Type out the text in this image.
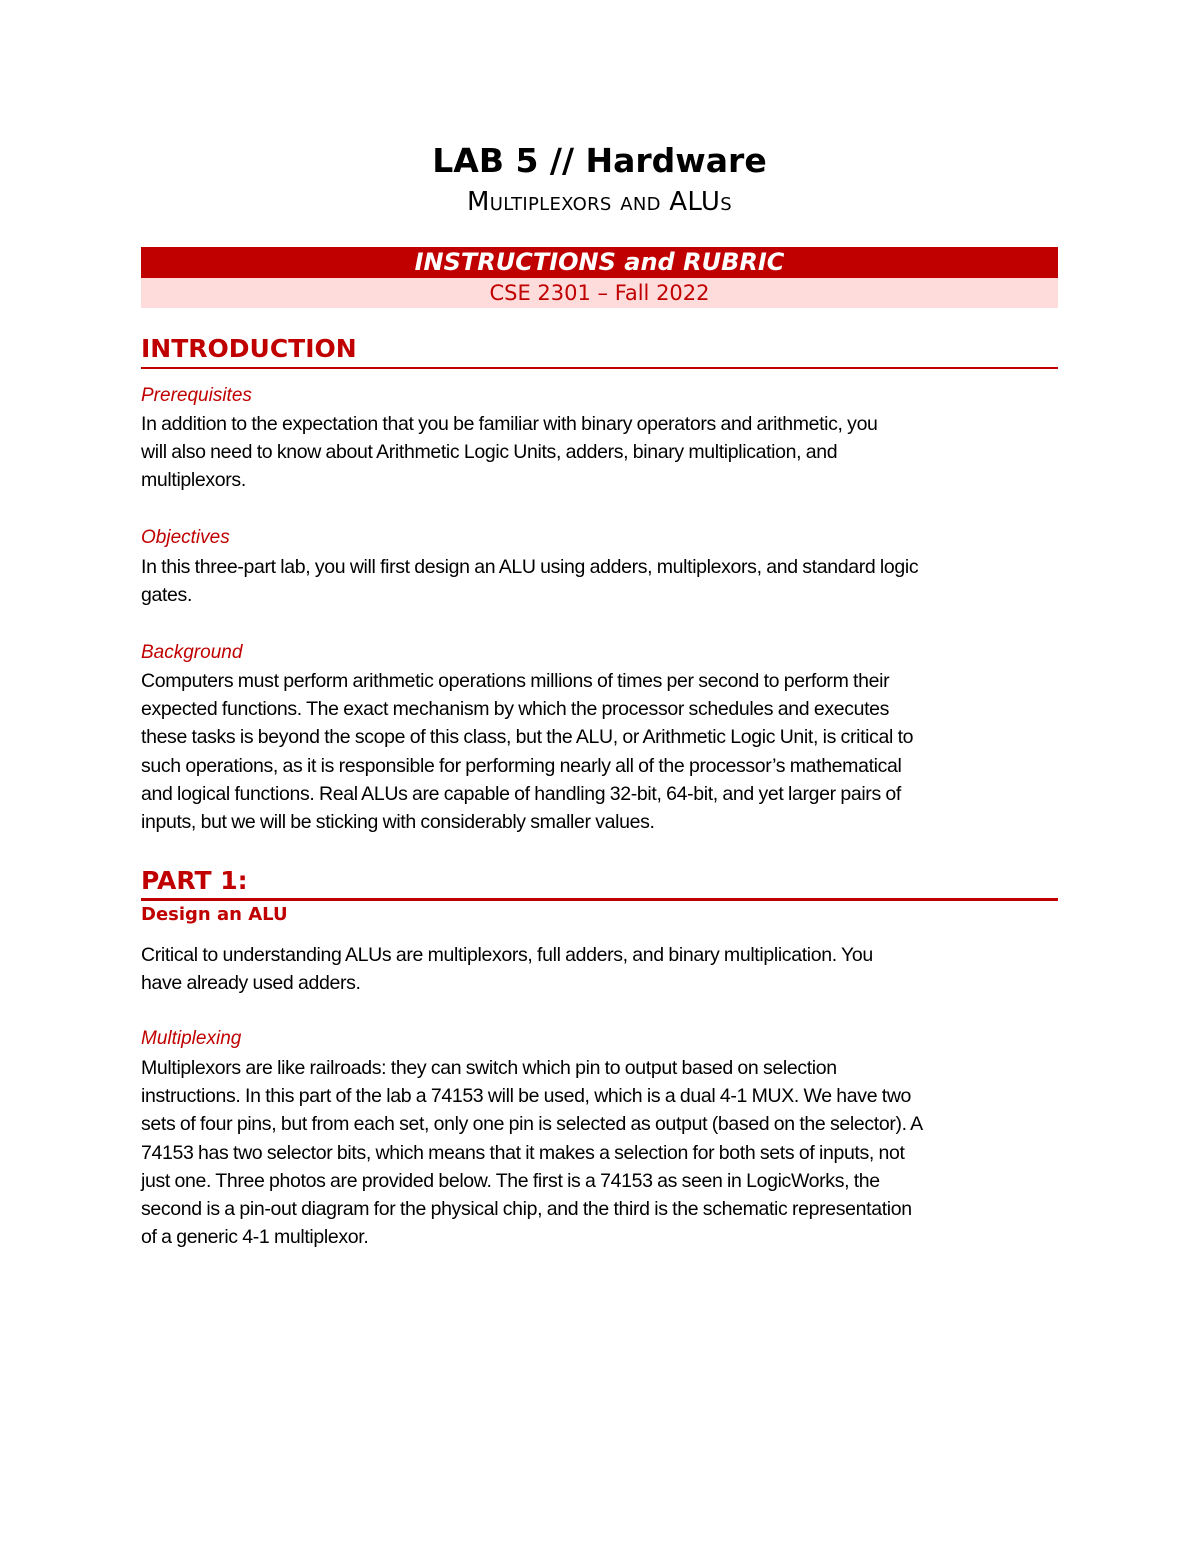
LAB 5 // Hardware
Multiplexors and ALUs
INSTRUCTIONS and RUBRIC
CSE 2301 – Fall 2022
INTRODUCTION
Prerequisites
In addition to the expectation that you be familiar with binary operators and arithmetic, you
will also need to know about Arithmetic Logic Units, adders, binary multiplication, and
multiplexors.
Objectives
In this three-part lab, you will first design an ALU using adders, multiplexors, and standard logic
gates.
Background
Computers must perform arithmetic operations millions of times per second to perform their
expected functions. The exact mechanism by which the processor schedules and executes
these tasks is beyond the scope of this class, but the ALU, or Arithmetic Logic Unit, is critical to
such operations, as it is responsible for performing nearly all of the processor’s mathematical
and logical functions. Real ALUs are capable of handling 32-bit, 64-bit, and yet larger pairs of
inputs, but we will be sticking with considerably smaller values.
PART 1:
Design an ALU
Critical to understanding ALUs are multiplexors, full adders, and binary multiplication. You
have already used adders.
Multiplexing
Multiplexors are like railroads: they can switch which pin to output based on selection
instructions. In this part of the lab a 74153 will be used, which is a dual 4-1 MUX. We have two
sets of four pins, but from each set, only one pin is selected as output (based on the selector). A
74153 has two selector bits, which means that it makes a selection for both sets of inputs, not
just one. Three photos are provided below. The first is a 74153 as seen in LogicWorks, the
second is a pin-out diagram for the physical chip, and the third is the schematic representation
of a generic 4-1 multiplexor.
